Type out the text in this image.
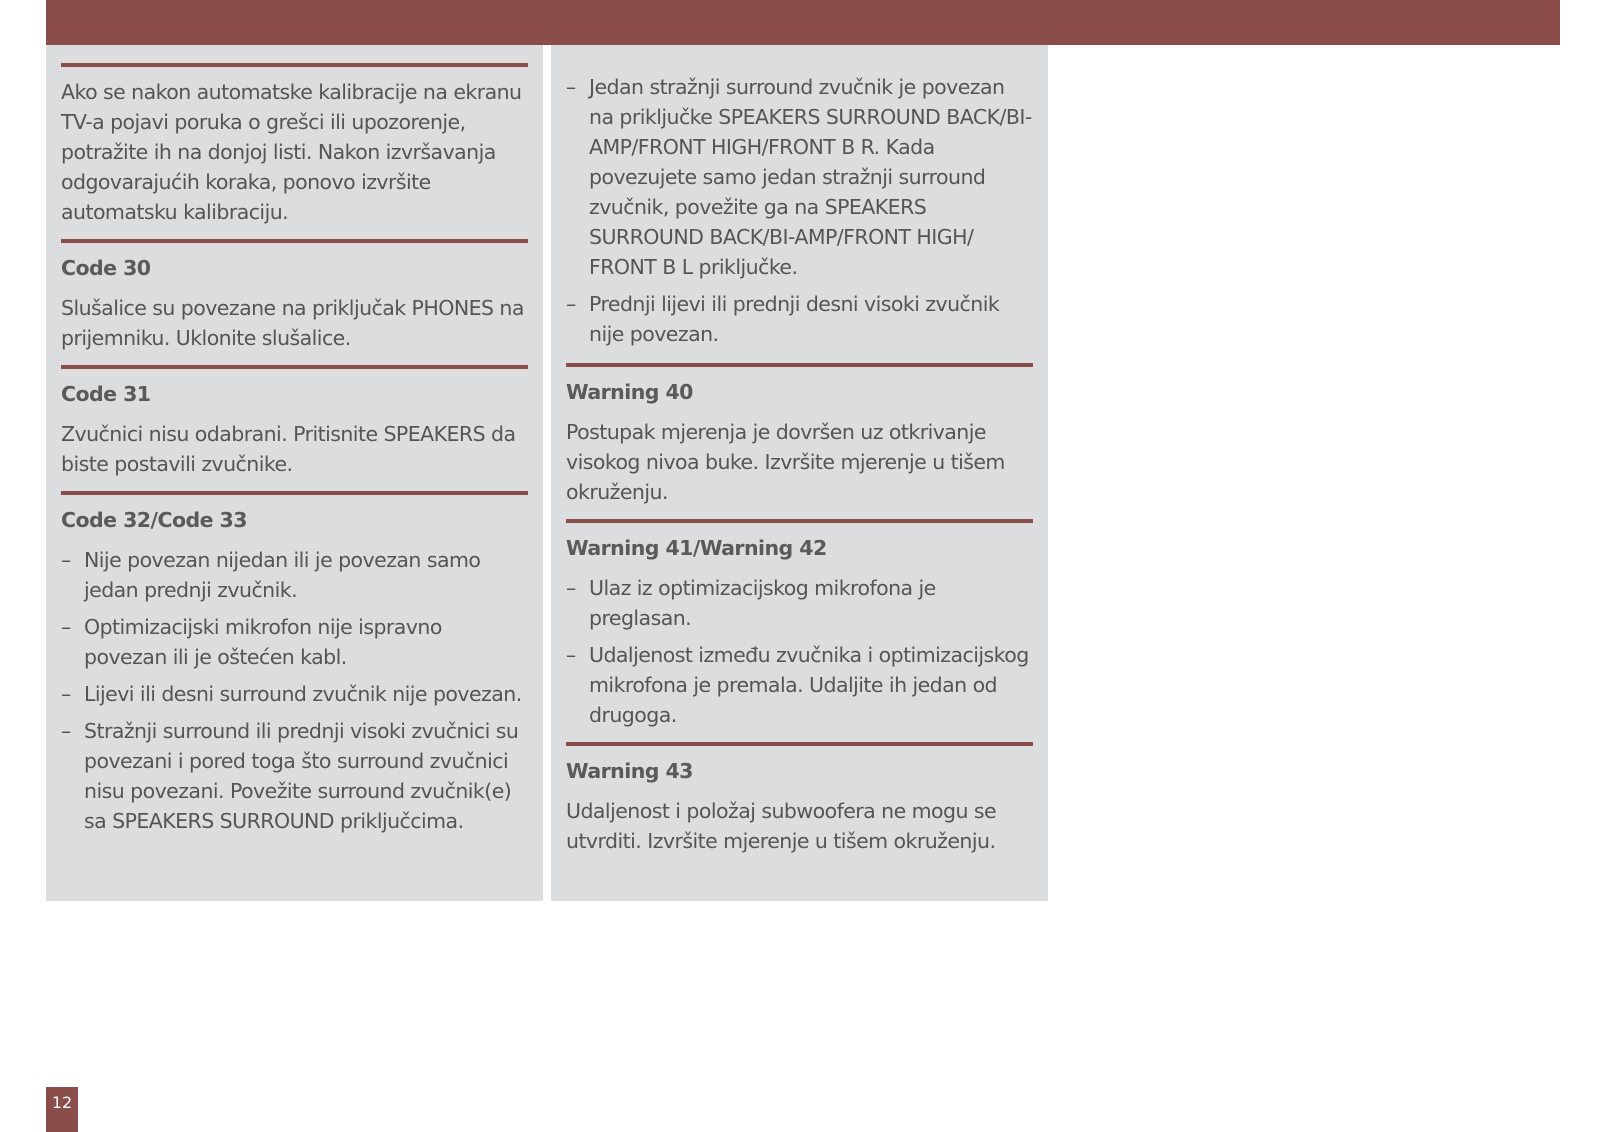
Ako se nakon automatske kalibracije na ekranu TV-a pojavi poruka o grešci ili upozorenje, potražite ih na donjoj listi. Nakon izvršavanja odgovarajućih koraka, ponovo izvršite automatsku kalibraciju.

Code 30

Slušalice su povezane na priključak PHONES na prijemniku. Uklonite slušalice.

Code 31

Zvučnici nisu odabrani. Pritisnite SPEAKERS da biste postavili zvučnike.

Code 32/Code 33
– Nije povezan nijedan ili je povezan samo jedan prednji zvučnik.
– Optimizacijski mikrofon nije ispravno povezan ili je oštećen kabl.
– Lijevi ili desni surround zvučnik nije povezan.
– Stražnji surround ili prednji visoki zvučnici su povezani i pored toga što surround zvučnici nisu povezani. Povežite surround zvučnik(e) sa SPEAKERS SURROUND priključcima.
– Jedan stražnji surround zvučnik je povezan na priključke SPEAKERS SURROUND BACK/BI-AMP/FRONT HIGH/FRONT B R. Kada povezujete samo jedan stražnji surround zvučnik, povežite ga na SPEAKERS SURROUND BACK/BI-AMP/FRONT HIGH/ FRONT B L priključke.
– Prednji lijevi ili prednji desni visoki zvučnik nije povezan.
Warning 40

Postupak mjerenja je dovršen uz otkrivanje visokog nivoa buke. Izvršite mjerenje u tišem okruženju.

Warning 41/Warning 42
– Ulaz iz optimizacijskog mikrofona je preglasan.
– Udaljenost između zvučnika i optimizacijskog mikrofona je premala. Udaljite ih jedan od drugoga.
Warning 43

Udaljenost i položaj subwoofera ne mogu se utvrditi. Izvršite mjerenje u tišem okruženju.

12
